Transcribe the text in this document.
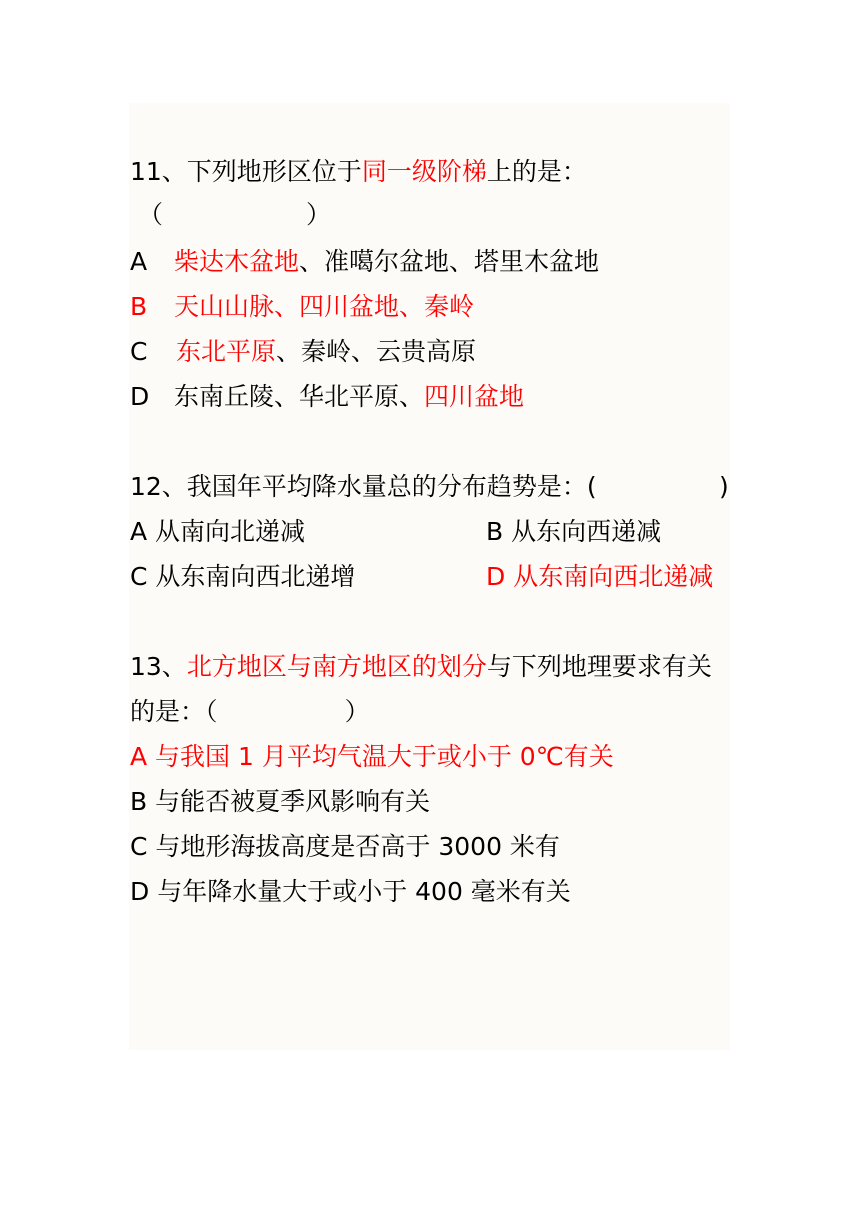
11、下列地形区位于同一级阶梯上的是：
（                  ）
A 柴达木盆地、准噶尔盆地、塔里木盆地
B 天山山脉、四川盆地、秦岭
C 东北平原、秦岭、云贵高原
D 东南丘陵、华北平原、四川盆地
12、我国年平均降水量总的分布趋势是：(	)
A 从南向北递减	B 从东向西递减
C 从东南向西北递增	D 从东南向西北递减
13、北方地区与南方地区的划分与下列地理要求有关
的是：（                ）
A 与我国 1 月平均气温大于或小于 0℃有关
B 与能否被夏季风影响有关
C 与地形海拔高度是否高于 3000 米有
D 与年降水量大于或小于 400 毫米有关
